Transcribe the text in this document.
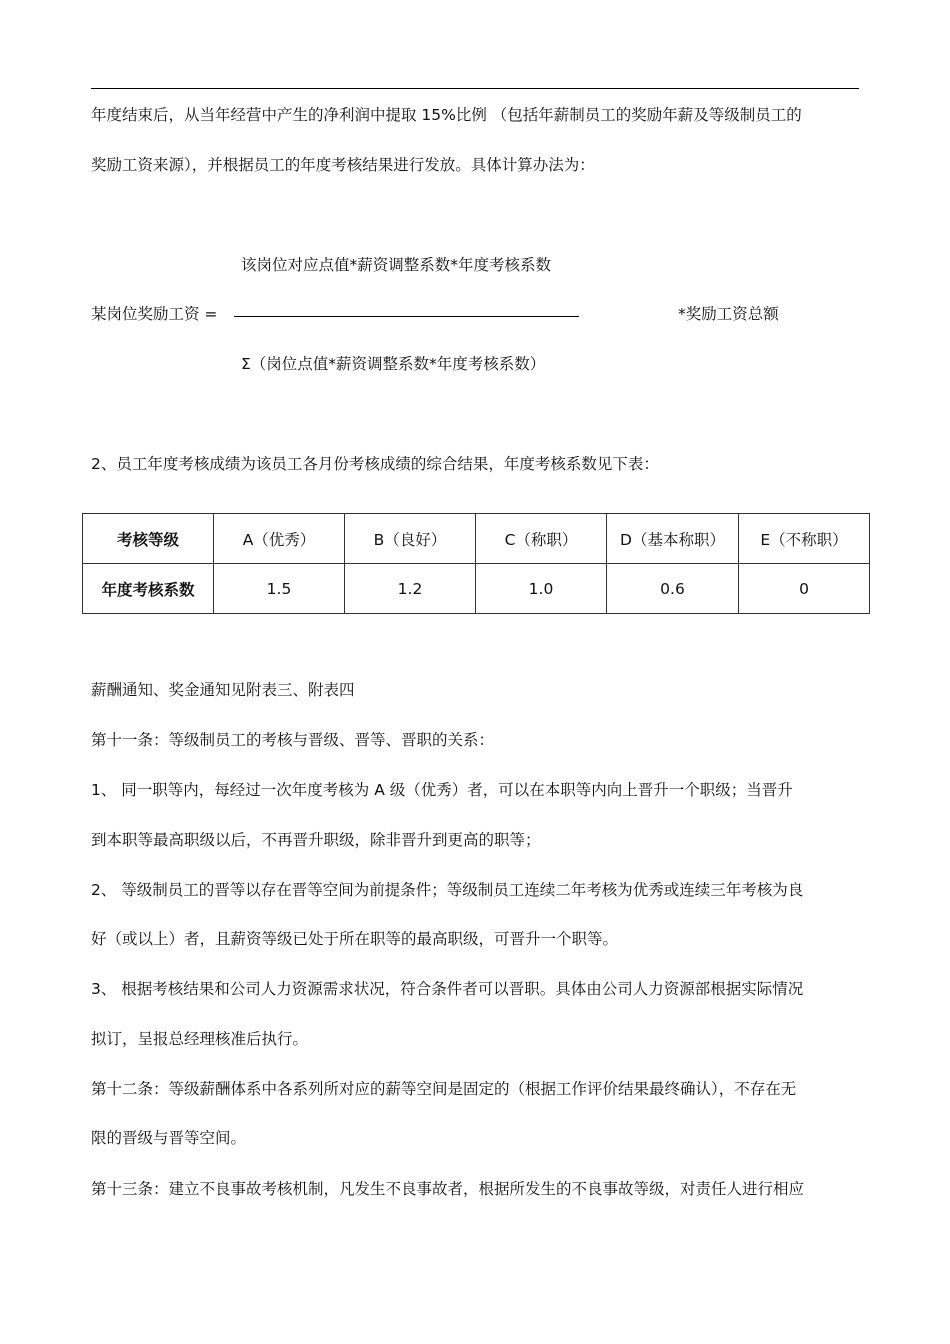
年度结束后，从当年经营中产生的净利润中提取 15%比例 （包括年薪制员工的奖励年薪及等级制员工的
奖励工资来源），并根据员工的年度考核结果进行发放。具体计算办法为：
该岗位对应点值*薪资调整系数*年度考核系数
某岗位奖励工资 =	*奖励工资总额
Σ（岗位点值*薪资调整系数*年度考核系数）
2、员工年度考核成绩为该员工各月份考核成绩的综合结果，年度考核系数见下表：
考核等级	A（优秀）	B（良好）	C（称职）	D（基本称职）	E（不称职）
年度考核系数	1.5	1.2	1.0	0.6	0
薪酬通知、奖金通知见附表三、附表四
第十一条：等级制员工的考核与晋级、晋等、晋职的关系：
1、 同一职等内，每经过一次年度考核为 A 级（优秀）者，可以在本职等内向上晋升一个职级；当晋升
到本职等最高职级以后，不再晋升职级，除非晋升到更高的职等；
2、 等级制员工的晋等以存在晋等空间为前提条件；等级制员工连续二年考核为优秀或连续三年考核为良
好（或以上）者，且薪资等级已处于所在职等的最高职级，可晋升一个职等。
3、 根据考核结果和公司人力资源需求状况，符合条件者可以晋职。具体由公司人力资源部根据实际情况
拟订，呈报总经理核准后执行。
第十二条：等级薪酬体系中各系列所对应的薪等空间是固定的（根据工作评价结果最终确认），不存在无
限的晋级与晋等空间。
第十三条：建立不良事故考核机制，凡发生不良事故者，根据所发生的不良事故等级，对责任人进行相应
